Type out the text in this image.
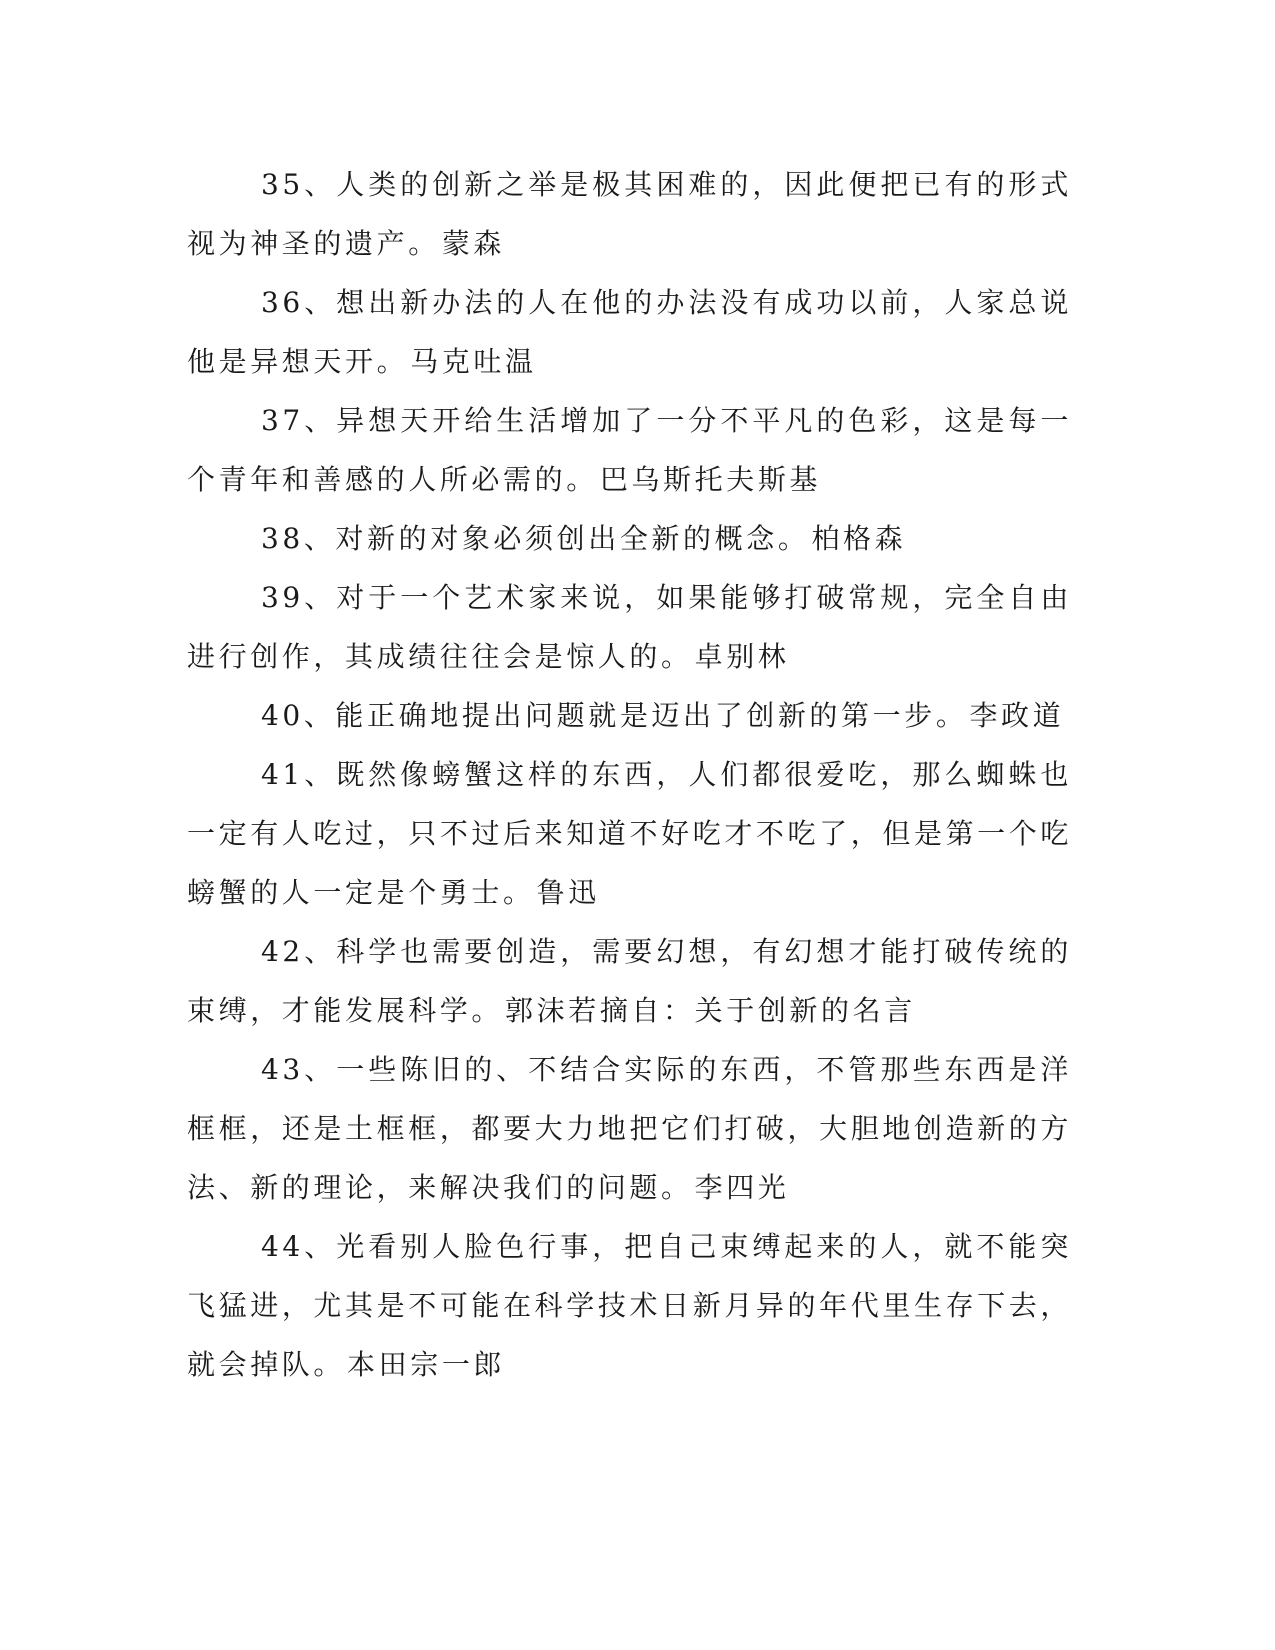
35、人类的创新之举是极其困难的，因此便把已有的形式视为神圣的遗产。蒙森

36、想出新办法的人在他的办法没有成功以前，人家总说他是异想天开。马克吐温

37、异想天开给生活增加了一分不平凡的色彩，这是每一个青年和善感的人所必需的。巴乌斯托夫斯基

38、对新的对象必须创出全新的概念。柏格森

39、对于一个艺术家来说，如果能够打破常规，完全自由进行创作，其成绩往往会是惊人的。卓别林

40、能正确地提出问题就是迈出了创新的第一步。李政道

41、既然像螃蟹这样的东西，人们都很爱吃，那么蜘蛛也一定有人吃过，只不过后来知道不好吃才不吃了，但是第一个吃螃蟹的人一定是个勇士。鲁迅

42、科学也需要创造，需要幻想，有幻想才能打破传统的束缚，才能发展科学。郭沫若摘自：关于创新的名言

43、一些陈旧的、不结合实际的东西，不管那些东西是洋框框，还是土框框，都要大力地把它们打破，大胆地创造新的方法、新的理论，来解决我们的问题。李四光

44、光看别人脸色行事，把自己束缚起来的人，就不能突飞猛进，尤其是不可能在科学技术日新月异的年代里生存下去，就会掉队。本田宗一郎
